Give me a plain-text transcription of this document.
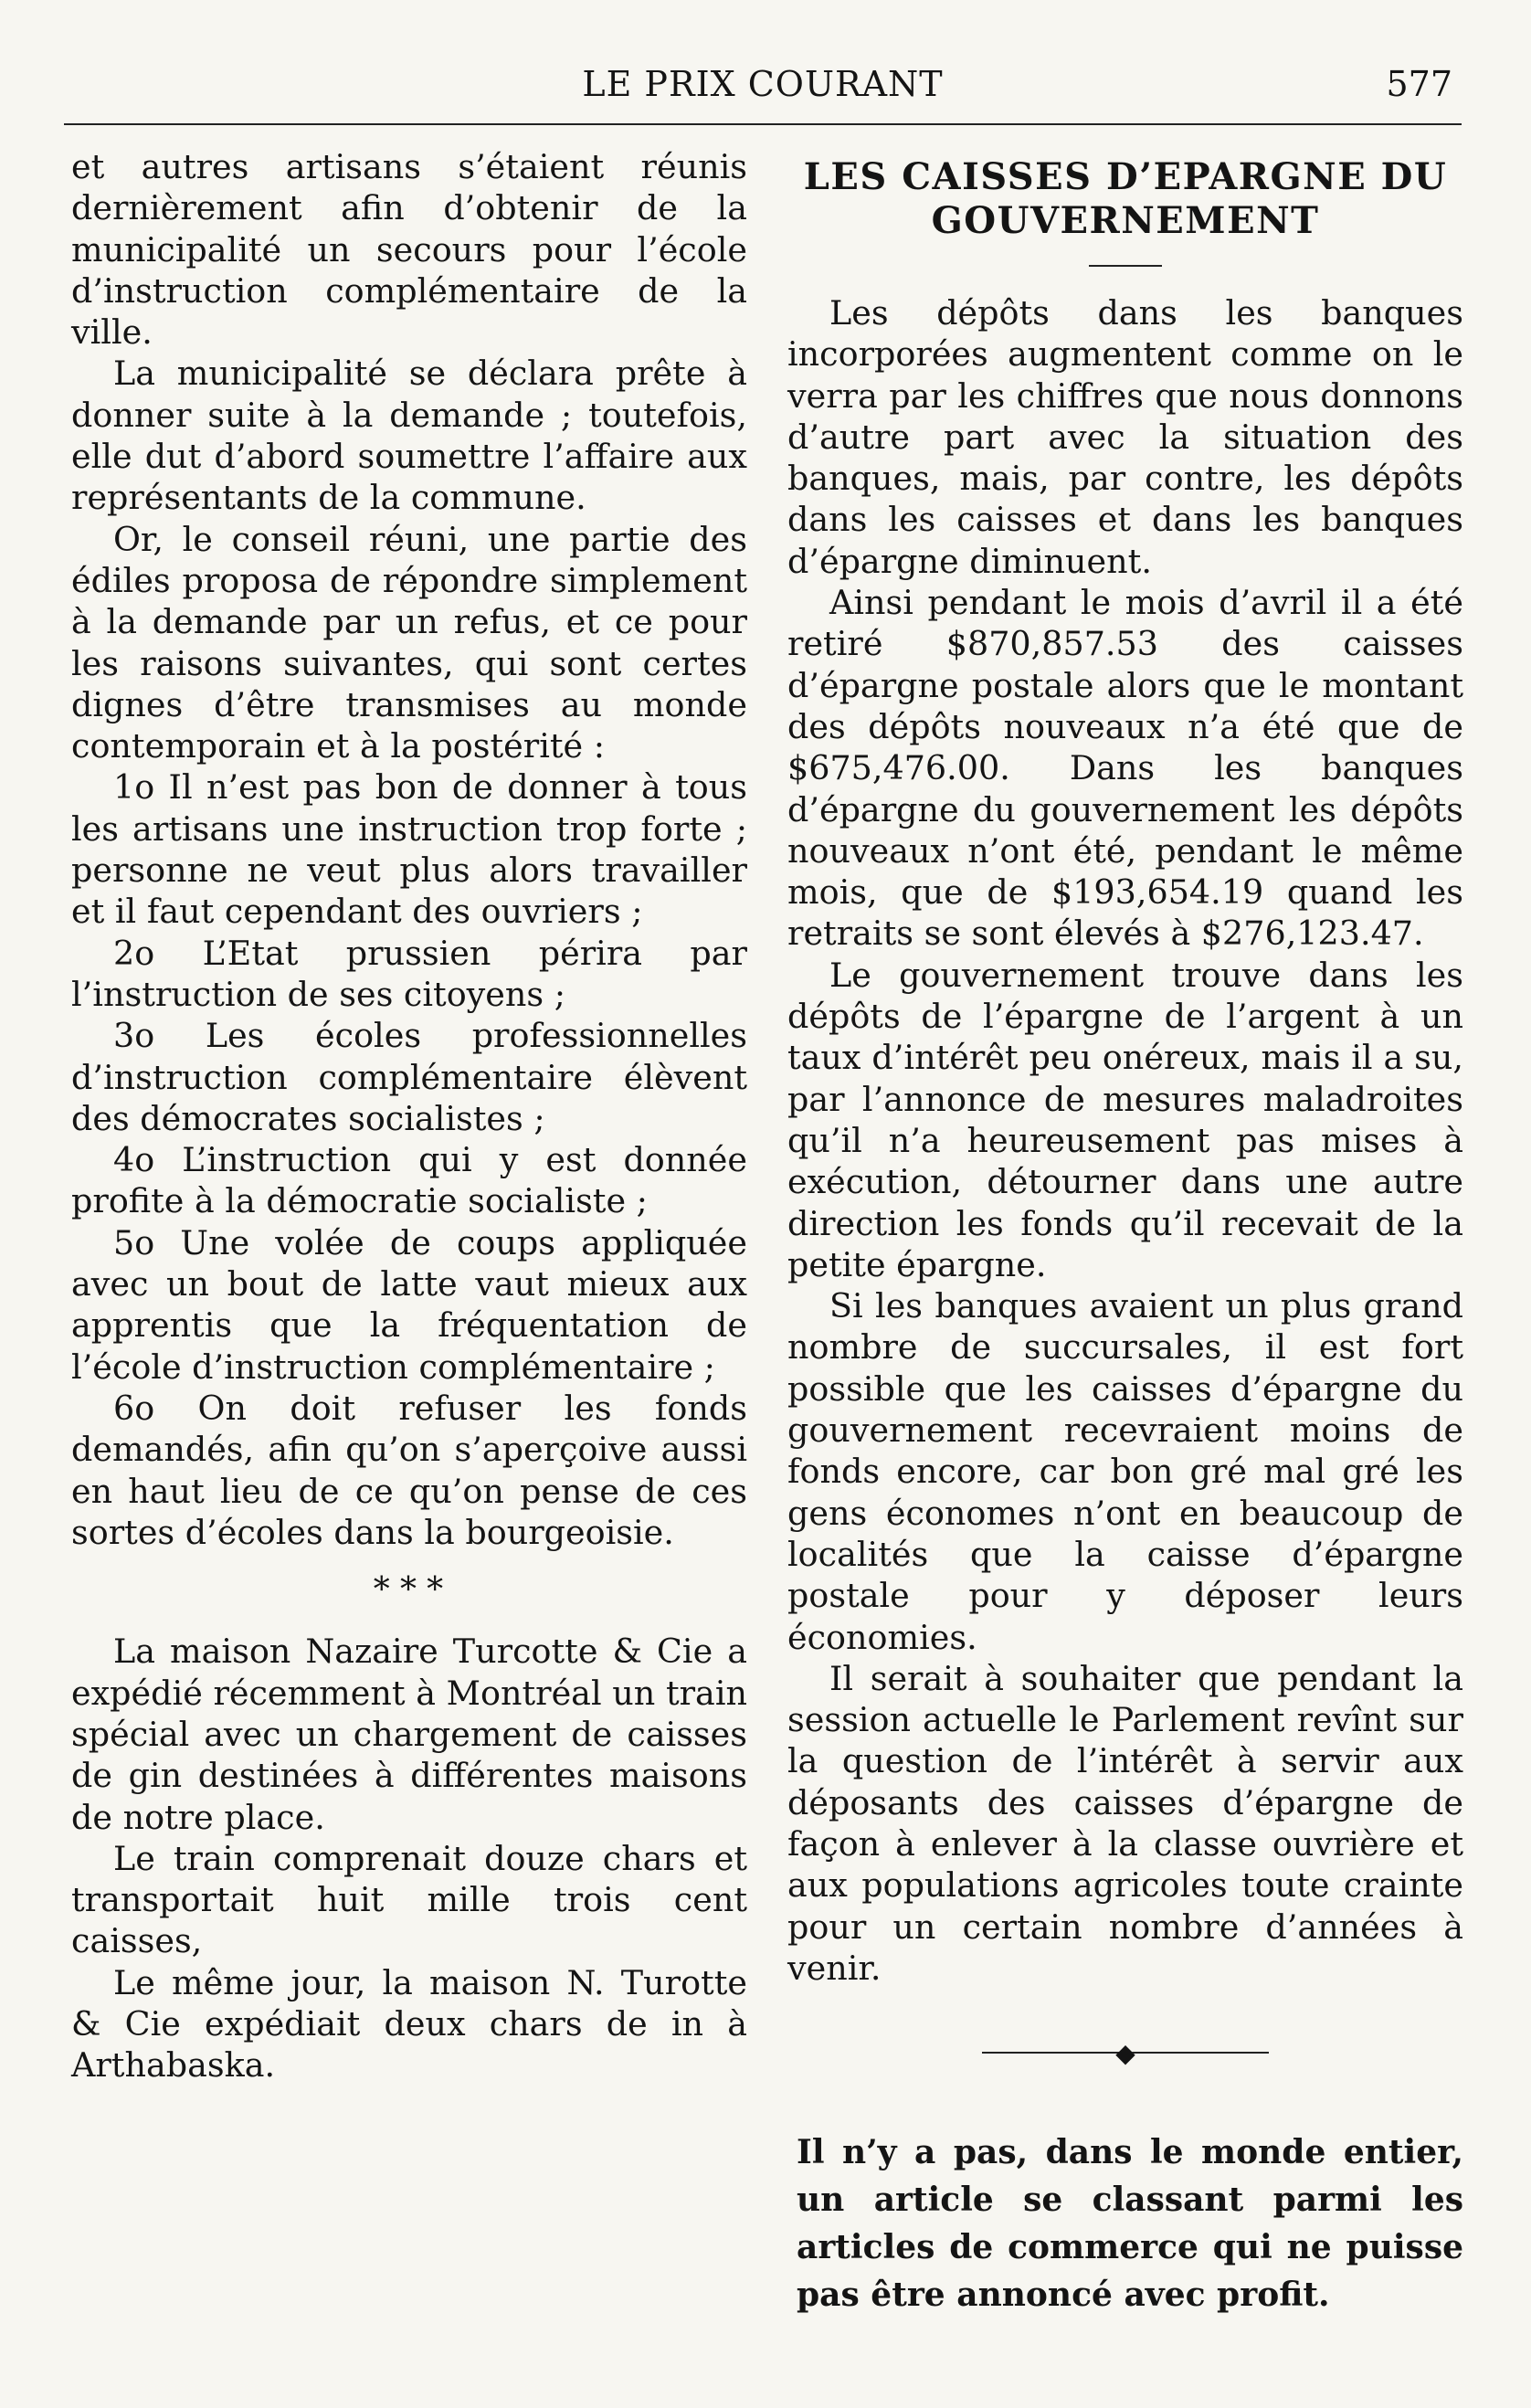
LE PRIX COURANT	577

et autres artisans s’étaient réunis dernièrement afin d’obtenir de la municipalité un secours pour l’école d’instruction complémentaire de la ville.

La municipalité se déclara prête à donner suite à la demande ; toutefois, elle dut d’abord soumettre l’affaire aux représentants de la commune.

Or, le conseil réuni, une partie des édiles proposa de répondre simplement à la demande par un refus, et ce pour les raisons suivantes, qui sont certes dignes d’être transmises au monde contemporain et à la postérité :

1o Il n’est pas bon de donner à tous les artisans une instruction trop forte ; personne ne veut plus alors travailler et il faut cependant des ouvriers ;

2o L’Etat prussien périra par l’instruction de ses citoyens ;

3o Les écoles professionnelles d’instruction complémentaire élèvent des démocrates socialistes ;

4o L’instruction qui y est donnée profite à la démocratie socialiste ;

5o Une volée de coups appliquée avec un bout de latte vaut mieux aux apprentis que la fréquentation de l’école d’instruction complémentaire ;

6o On doit refuser les fonds demandés, afin qu’on s’aperçoive aussi en haut lieu de ce qu’on pense de ces sortes d’écoles dans la bourgeoisie.

* * *

La maison Nazaire Turcotte & Cie a expédié récemment à Montréal un train spécial avec un chargement de caisses de gin destinées à différentes maisons de notre place.

Le train comprenait douze chars et transportait huit mille trois cent caisses,

Le même jour, la maison N. Turotte & Cie expédiait deux chars de in à Arthabaska.

LES CAISSES D’EPARGNE DU GOUVERNEMENT

Les dépôts dans les banques incorporées augmentent comme on le verra par les chiffres que nous donnons d’autre part avec la situation des banques, mais, par contre, les dépôts dans les caisses et dans les banques d’épargne diminuent.

Ainsi pendant le mois d’avril il a été retiré $870,857.53 des caisses d’épargne postale alors que le montant des dépôts nouveaux n’a été que de $675,476.00. Dans les banques d’épargne du gouvernement les dépôts nouveaux n’ont été, pendant le même mois, que de $193,654.19 quand les retraits se sont élevés à $276,123.47.

Le gouvernement trouve dans les dépôts de l’épargne de l’argent à un taux d’intérêt peu onéreux, mais il a su, par l’annonce de mesures maladroites qu’il n’a heureusement pas mises à exécution, détourner dans une autre direction les fonds qu’il recevait de la petite épargne.

Si les banques avaient un plus grand nombre de succursales, il est fort possible que les caisses d’épargne du gouvernement recevraient moins de fonds encore, car bon gré mal gré les gens économes n’ont en beaucoup de localités que la caisse d’épargne postale pour y déposer leurs économies.

Il serait à souhaiter que pendant la session actuelle le Parlement revînt sur la question de l’intérêt à servir aux déposants des caisses d’épargne de façon à enlever à la classe ouvrière et aux populations agricoles toute crainte pour un certain nombre d’années à venir.

◆
Il n’y a pas, dans le monde entier, un article se classant parmi les articles de commerce qui ne puisse pas être annoncé avec profit.
